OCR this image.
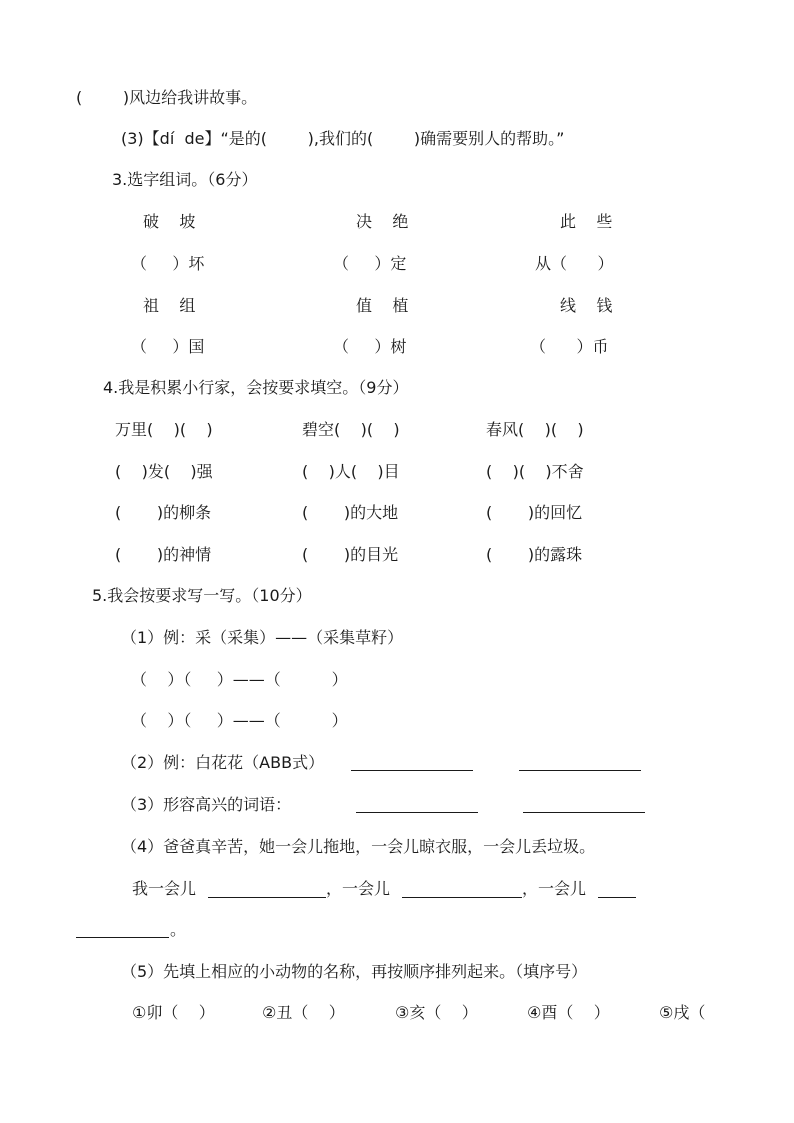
(        )风边给我讲故事。
(3)【dí  de】“是的(        ),我们的(        )确需要别人的帮助。”
3.选字组词。（6分）
破    坡	决    绝	此    些
（     ）坏	（     ）定	从（      ）
祖    组	值    植	线    钱
（     ）国	（     ）树	（      ）币
4.我是积累小行家，会按要求填空。（9分）
万里(    )(    )	碧空(    )(    )	春风(    )(    )
(    )发(    )强	(    )人(    )目	(    )(    )不舍
(       )的柳条	(       )的大地	(       )的回忆
(       )的神情	(       )的目光	(       )的露珠
5.我会按要求写一写。（10分）
（1）例：采（采集）——（采集草籽）
（    ）（     ）——（          ）
（    ）（     ）——（          ）
（2）例：白花花（ABB式）
（3）形容高兴的词语：
（4）爸爸真辛苦，她一会儿拖地，一会儿晾衣服，一会儿丢垃圾。
我一会儿	，一会儿	，一会儿
。
（5）先填上相应的小动物的名称，再按顺序排列起来。（填序号）
①卯（    ）	②丑（    ）	③亥（    ）	④酉（    ）	⑤戌（
